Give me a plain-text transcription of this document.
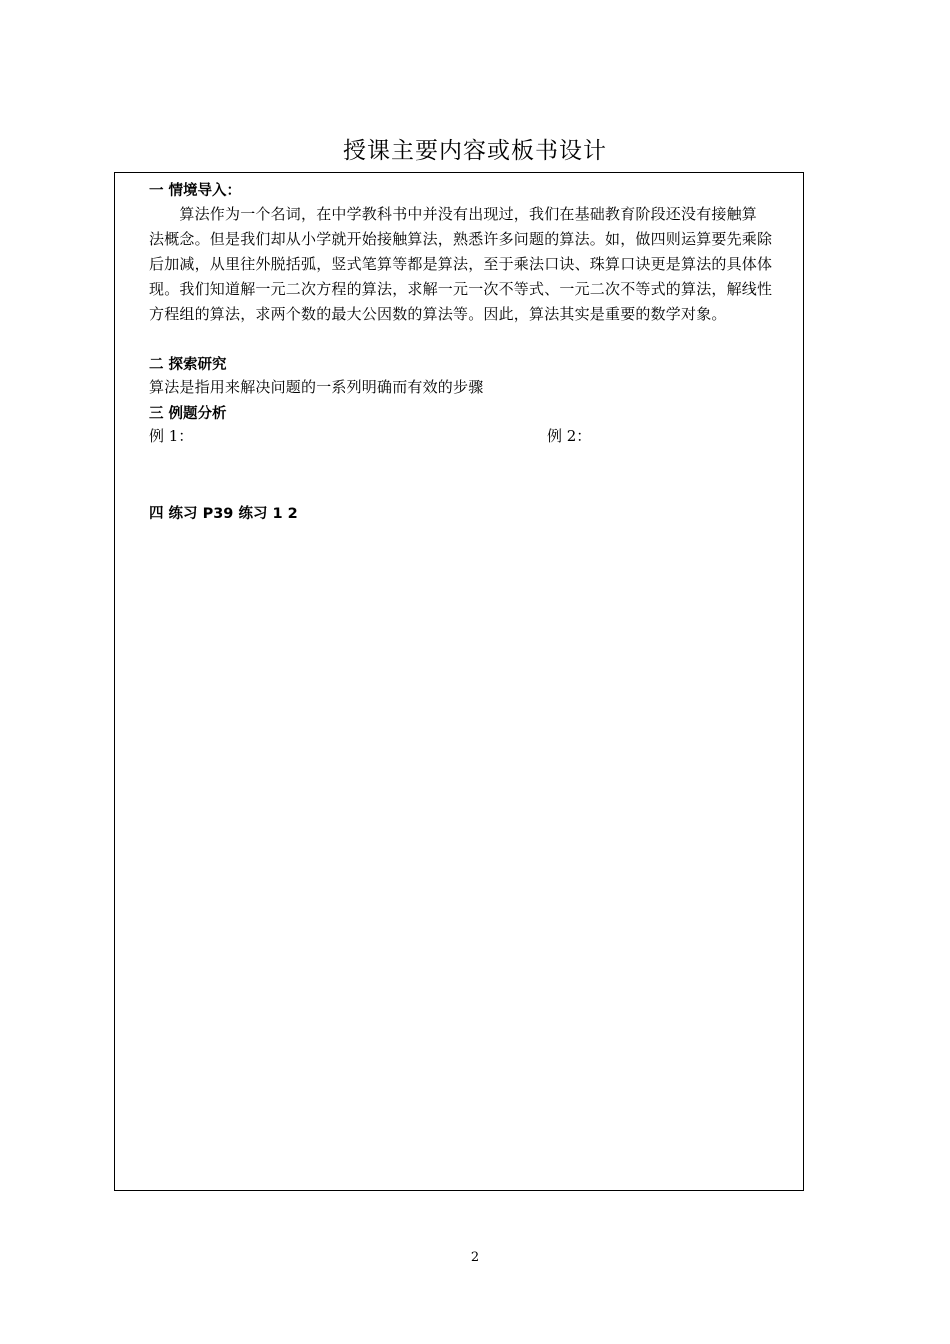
授课主要内容或板书设计
一 情境导入：
　　算法作为一个名词，在中学教科书中并没有出现过，我们在基础教育阶段还没有接触算
法概念。但是我们却从小学就开始接触算法，熟悉许多问题的算法。如，做四则运算要先乘除
后加减，从里往外脱括弧，竖式笔算等都是算法，至于乘法口诀、珠算口诀更是算法的具体体
现。我们知道解一元二次方程的算法，求解一元一次不等式、一元二次不等式的算法，解线性
方程组的算法，求两个数的最大公因数的算法等。因此，算法其实是重要的数学对象。
二 探索研究
算法是指用来解决问题的一系列明确而有效的步骤
三 例题分析
例 1：	例 2：
四 练习 P39 练习 1 2
2
